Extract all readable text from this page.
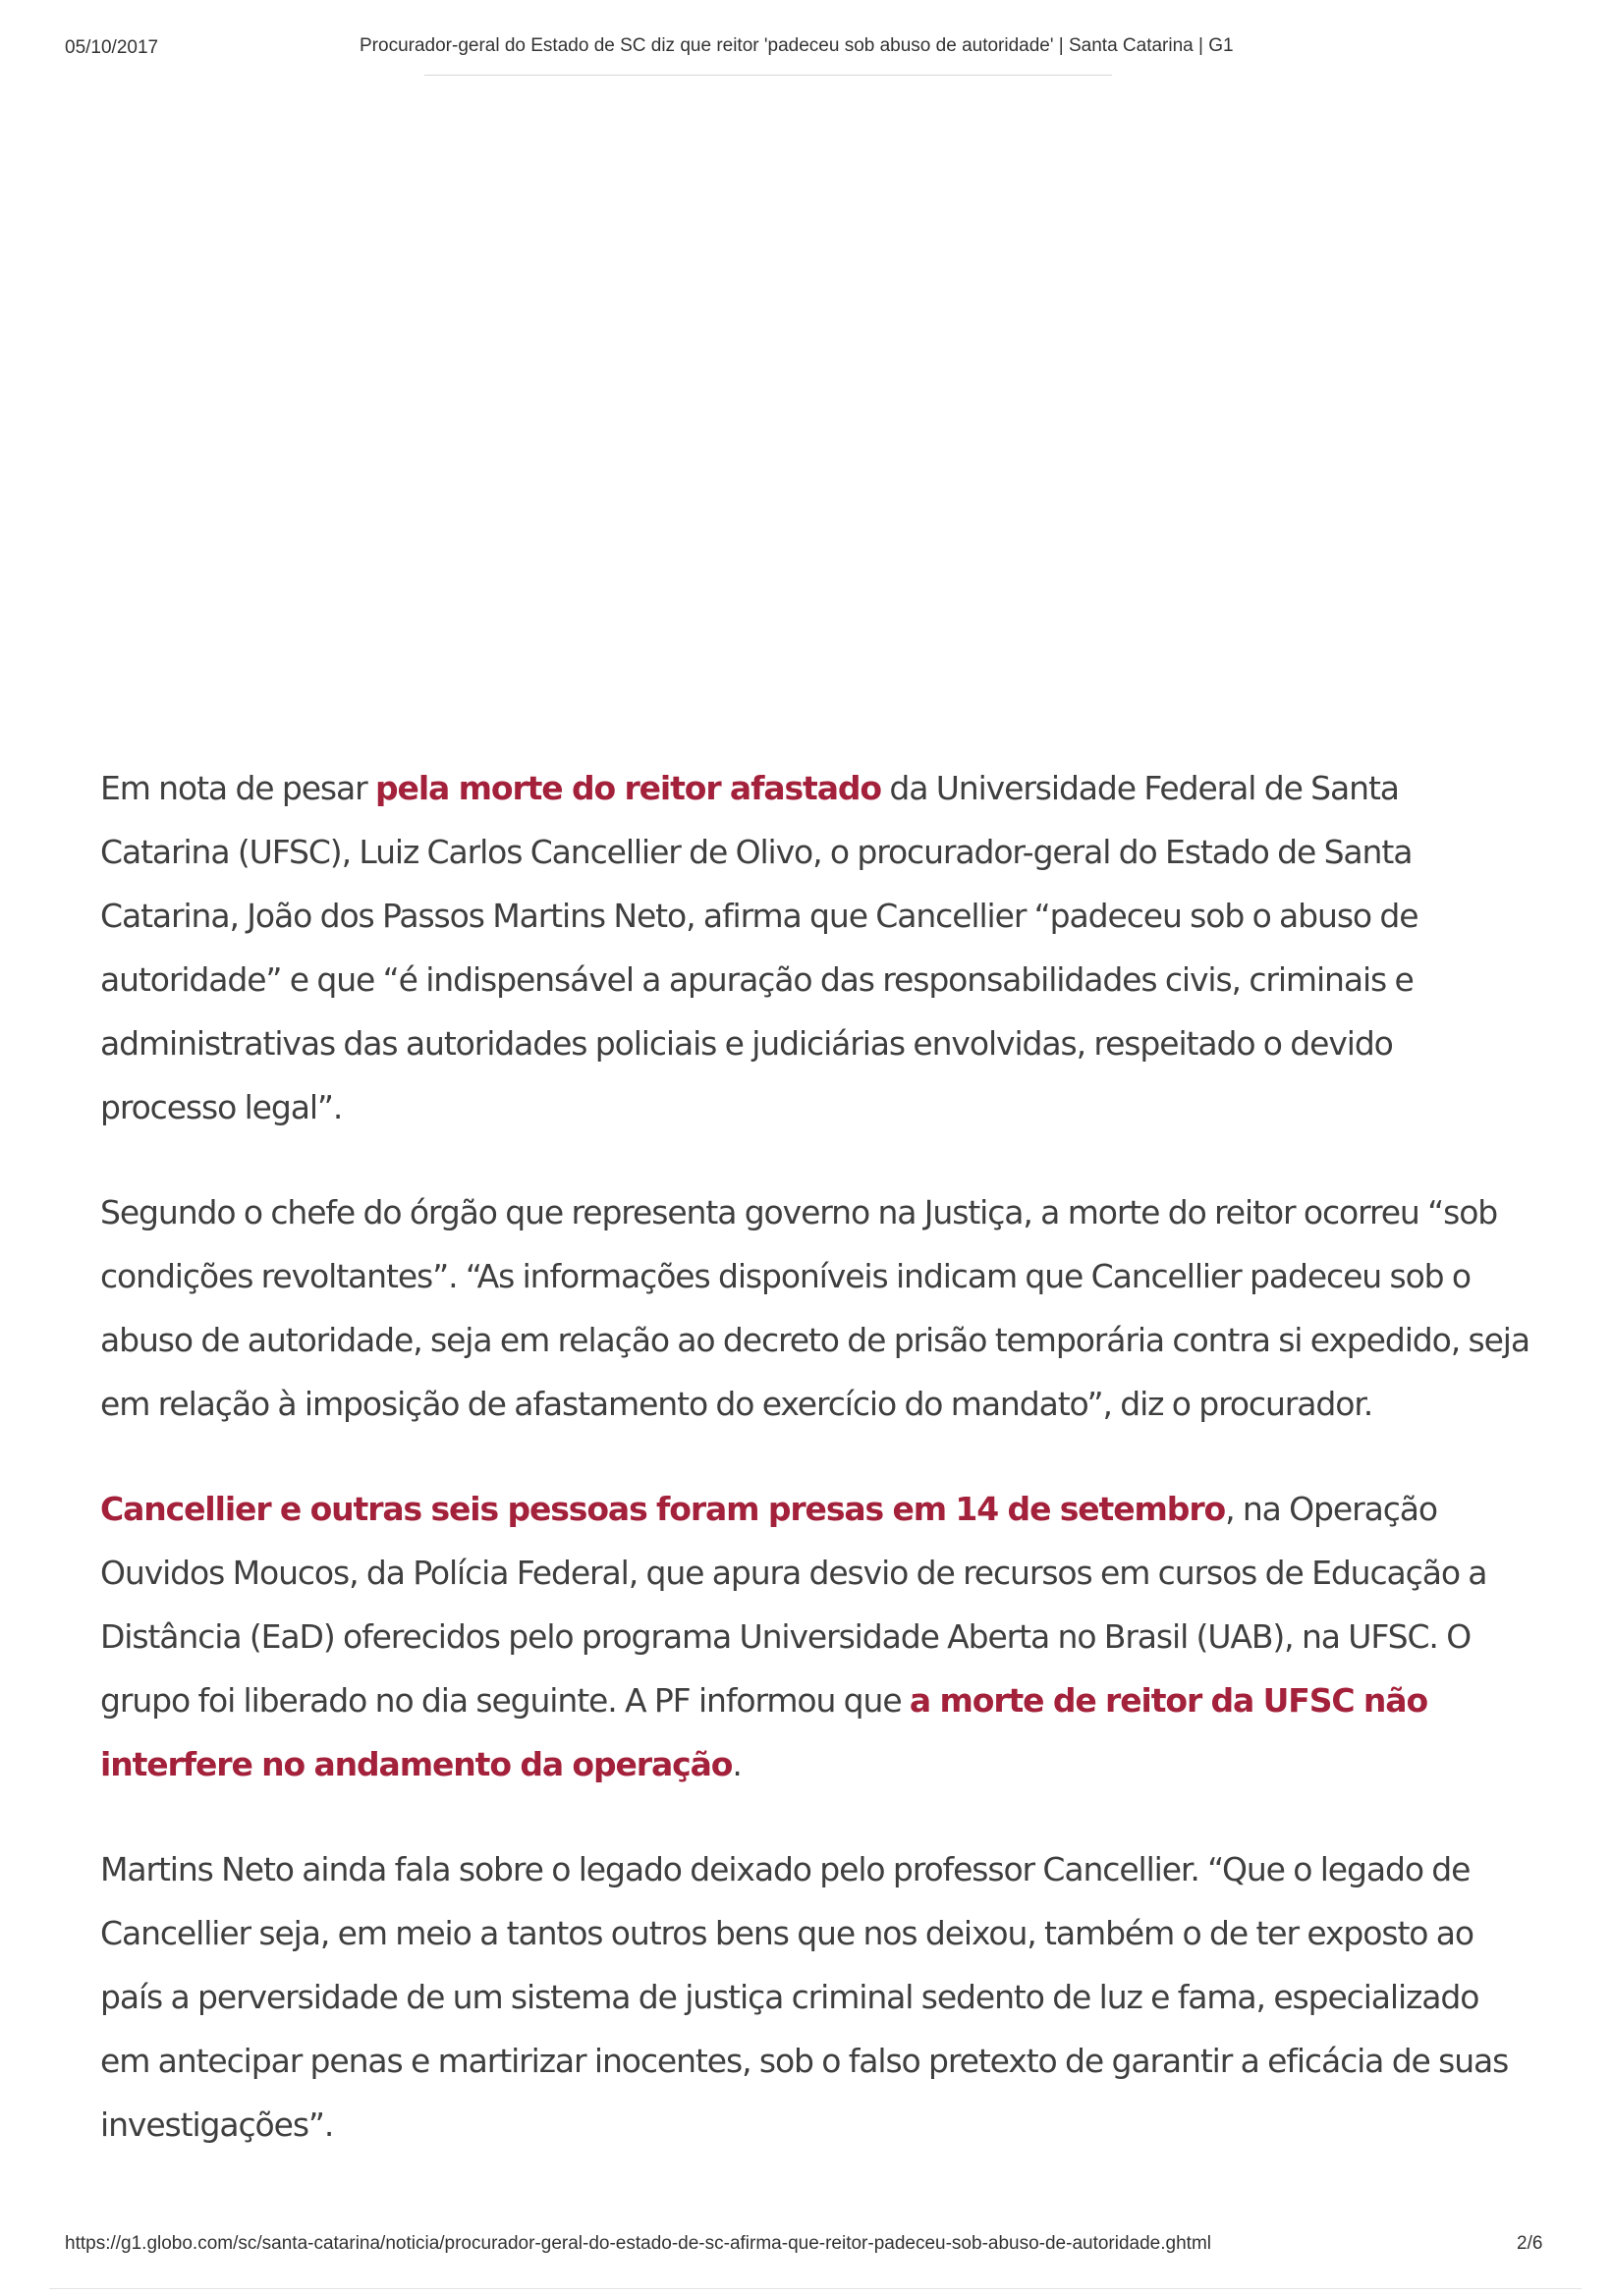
05/10/2017	Procurador-geral do Estado de SC diz que reitor 'padeceu sob abuso de autoridade' | Santa Catarina | G1

Em nota de pesar pela morte do reitor afastado da Universidade Federal de Santa Catarina (UFSC), Luiz Carlos Cancellier de Olivo, o procurador-geral do Estado de Santa Catarina, João dos Passos Martins Neto, afirma que Cancellier “padeceu sob o abuso de autoridade” e que “é indispensável a apuração das responsabilidades civis, criminais e administrativas das autoridades policiais e judiciárias envolvidas, respeitado o devido processo legal”.

Segundo o chefe do órgão que representa governo na Justiça, a morte do reitor ocorreu “sob condições revoltantes”. “As informações disponíveis indicam que Cancellier padeceu sob o abuso de autoridade, seja em relação ao decreto de prisão temporária contra si expedido, seja em relação à imposição de afastamento do exercício do mandato”, diz o procurador.

Cancellier e outras seis pessoas foram presas em 14 de setembro, na Operação Ouvidos Moucos, da Polícia Federal, que apura desvio de recursos em cursos de Educação a Distância (EaD) oferecidos pelo programa Universidade Aberta no Brasil (UAB), na UFSC. O grupo foi liberado no dia seguinte. A PF informou que a morte de reitor da UFSC não interfere no andamento da operação.

Martins Neto ainda fala sobre o legado deixado pelo professor Cancellier. “Que o legado de Cancellier seja, em meio a tantos outros bens que nos deixou, também o de ter exposto ao país a perversidade de um sistema de justiça criminal sedento de luz e fama, especializado em antecipar penas e martirizar inocentes, sob o falso pretexto de garantir a eficácia de suas investigações”.

https://g1.globo.com/sc/santa-catarina/noticia/procurador-geral-do-estado-de-sc-afirma-que-reitor-padeceu-sob-abuso-de-autoridade.ghtml	2/6
